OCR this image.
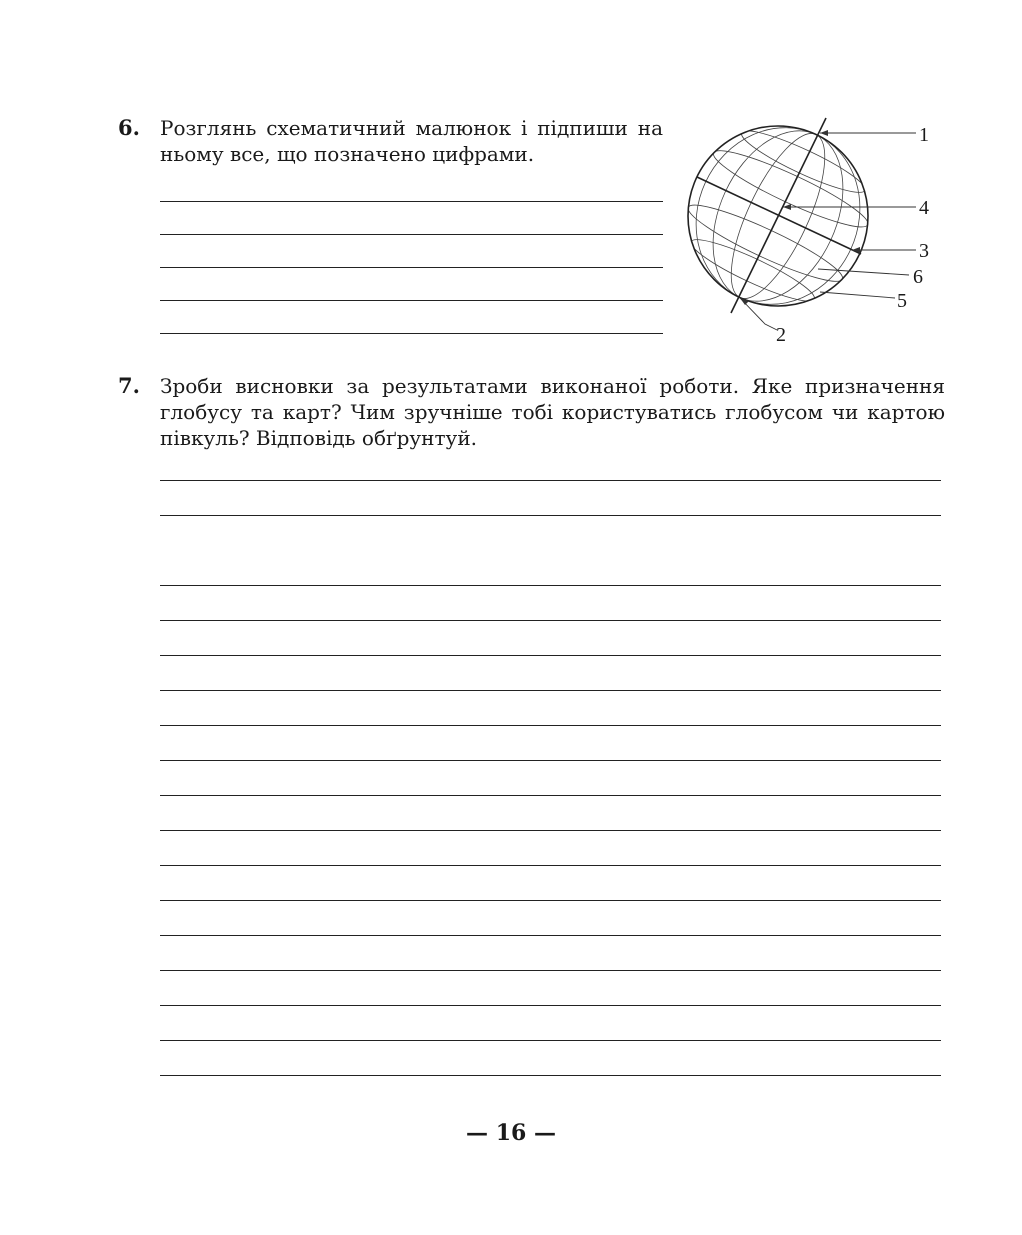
6. Розглянь схематичний малюнок і підпиши на ньому все, що позначено цифрами.
1
2
3
4
5
6
7. Зроби висновки за результатами виконаної роботи. Яке призначення глобусу та карт? Чим зручніше тобі користуватись глобусом чи картою півкуль? Відповідь обґрунтуй.
— 16 —
